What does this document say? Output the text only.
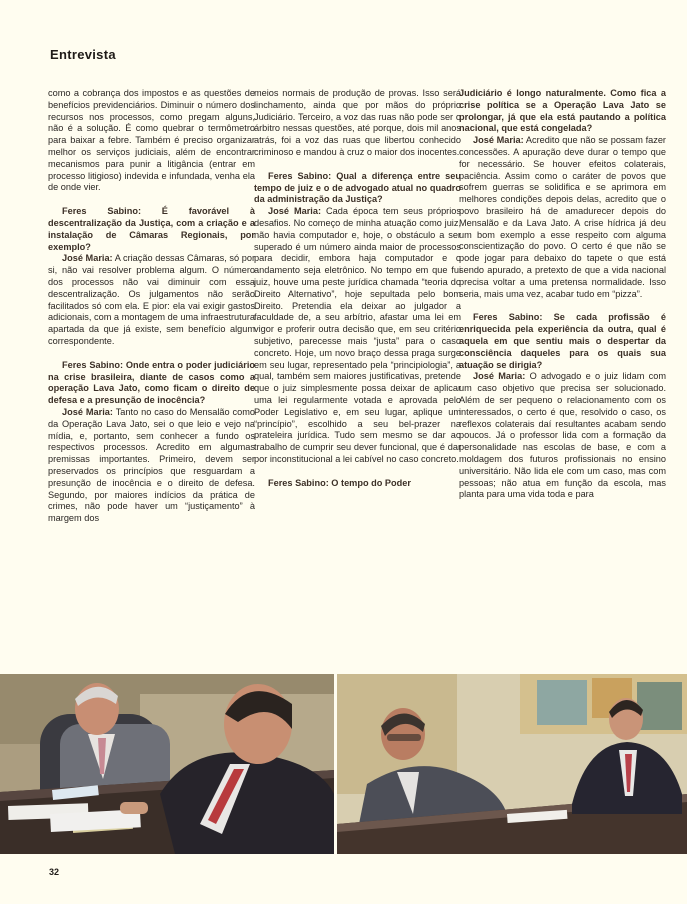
Entrevista

como a cobrança dos impostos e as questões de benefícios previdenciários. Diminuir o número dos recursos nos processos, como pregam alguns, não é a solução. É como quebrar o termômetro para baixar a febre. Também é preciso organizar melhor os serviços judiciais, além de encontrar mecanismos para punir a litigância (entrar em processo litigioso) indevida e infundada, venha ela de onde vier.

Feres Sabino: É favorável à descentralização da Justiça, com a criação e a instalação de Câmaras Regionais, por exemplo?

José Maria: A criação dessas Câmaras, só por si, não vai resolver problema algum. O número dos processos não vai diminuir com essa descentralização. Os julgamentos não serão facilitados só com ela. E pior: ela vai exigir gastos adicionais, com a montagem de uma infraestrutura apartada da que já existe, sem benefício algum correspondente.

Feres Sabino: Onde entra o poder judiciário na crise brasileira, diante de casos como a operação Lava Jato, como ficam o direito de defesa e a presunção de inocência?

José Maria: Tanto no caso do Mensalão como da Operação Lava Jato, sei o que leio e vejo na mídia, e, portanto, sem conhecer a fundo os respectivos processos. Acredito em algumas premissas importantes. Primeiro, devem ser preservados os princípios que resguardam a presunção de inocência e o direito de defesa. Segundo, por maiores indícios da prática de crimes, não pode haver um “justiçamento” à margem dos

meios normais de produção de provas. Isso será linchamento, ainda que por mãos do próprio Judiciário. Terceiro, a voz das ruas não pode ser o árbitro nessas questões, até porque, dois mil anos atrás, foi a voz das ruas que libertou conhecido criminoso e mandou à cruz o maior dos inocentes.

Feres Sabino: Qual a diferença entre seu tempo de juiz e o de advogado atual no quadro da administração da Justiça?

José Maria: Cada época tem seus próprios desafios. No começo de minha atuação como juiz, não havia computador e, hoje, o obstáculo a ser superado é um número ainda maior de processos para decidir, embora haja computador e o andamento seja eletrônico. No tempo em que fui juiz, houve uma peste jurídica chamada “teoria do Direito Alternativo”, hoje sepultada pelo bom Direito. Pretendia ela deixar ao julgador a faculdade de, a seu arbítrio, afastar uma lei em vigor e proferir outra decisão que, em seu critério subjetivo, parecesse mais “justa” para o caso concreto. Hoje, um novo braço dessa praga surge em seu lugar, representado pela “principiologia”, a qual, também sem maiores justificativas, pretende que o juiz simplesmente possa deixar de aplicar uma lei regularmente votada e aprovada pelo Poder Legislativo e, em seu lugar, aplique um “princípio”, escolhido a seu bel-prazer na prateleira jurídica. Tudo sem mesmo se dar ao trabalho de cumprir seu dever funcional, que é dar por inconstitucional a lei cabível no caso concreto.

Feres Sabino: O tempo do Poder

Judiciário é longo naturalmente. Como fica a crise política se a Operação Lava Jato se prolongar, já que ela está pautando a política nacional, que está congelada?

José Maria: Acredito que não se possam fazer concessões. A apuração deve durar o tempo que for necessário. Se houver efeitos colaterais, paciência. Assim como o caráter de povos que sofrem guerras se solidifica e se aprimora em melhores condições depois delas, acredito que o povo brasileiro há de amadurecer depois do Mensalão e da Lava Jato. A crise hídrica já deu um bom exemplo a esse respeito com alguma conscientização do povo. O certo é que não se pode jogar para debaixo do tapete o que está sendo apurado, a pretexto de que a vida nacional precisa voltar a uma pretensa normalidade. Isso seria, mais uma vez, acabar tudo em “pizza”.

Feres Sabino: Se cada profissão é enriquecida pela experiência da outra, qual é aquela em que sentiu mais o despertar da consciência daqueles para os quais sua atuação se dirigia?

José Maria: O advogado e o juiz lidam com um caso objetivo que precisa ser solucionado. Além de ser pequeno o relacionamento com os interessados, o certo é que, resolvido o caso, os reflexos colaterais daí resultantes acabam sendo poucos. Já o professor lida com a formação da personalidade nas escolas de base, e com a moldagem dos futuros profissionais no ensino universitário. Não lida ele com um caso, mas com pessoas; não atua em função da escola, mas planta para uma vida toda e para

32
